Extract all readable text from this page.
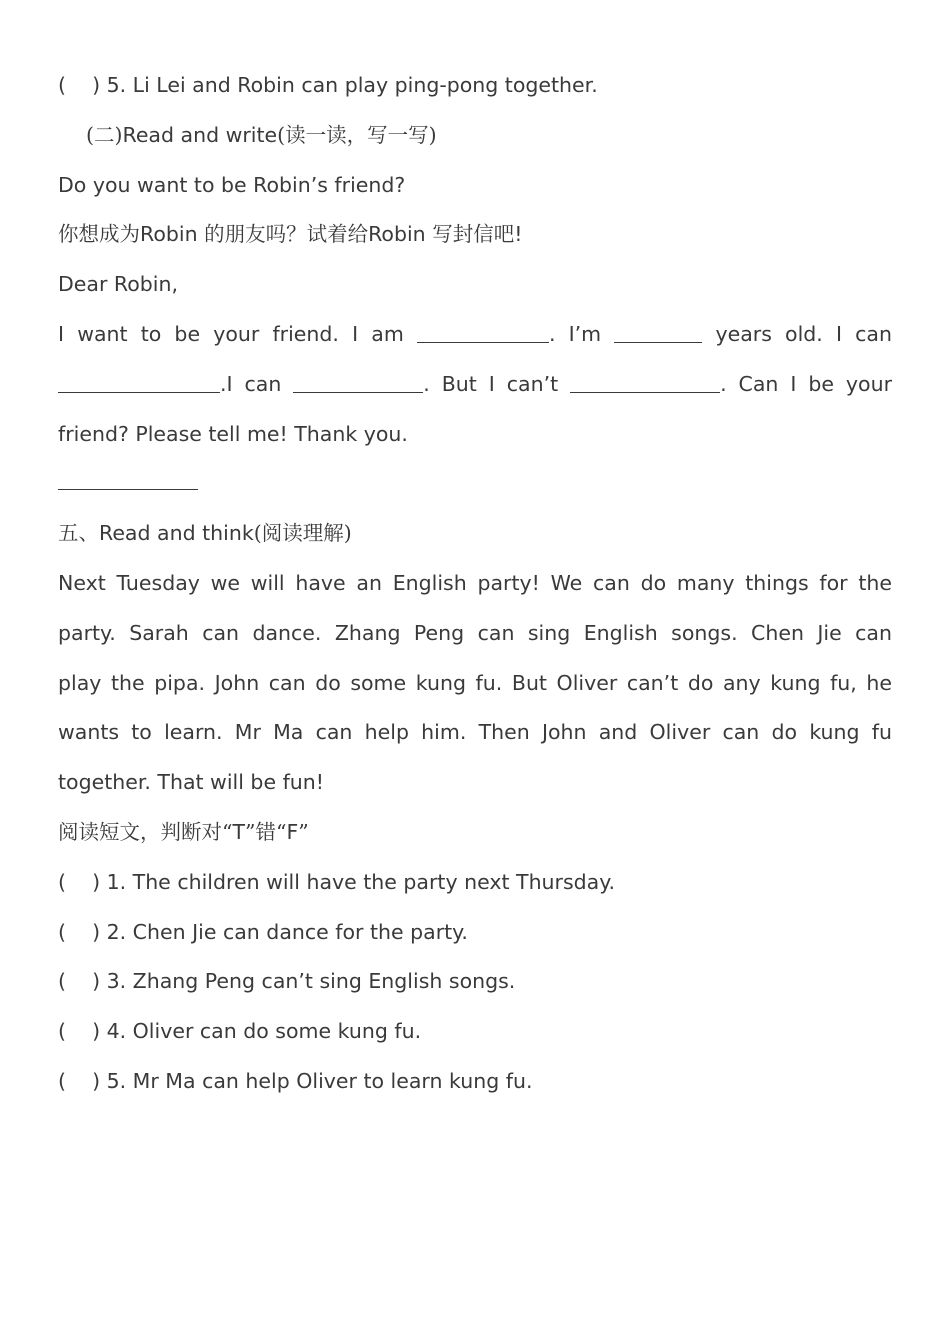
(    ) 5. Li Lei and Robin can play ping-pong together.
(二)Read and write(读一读，写一写)
Do you want to be Robin’s friend?
你想成为Robin 的朋友吗？试着给Robin 写封信吧!
Dear Robin,
I want to be your friend. I am	. I’m	years old. I can
.I can	. But I can’t	. Can I be your
friend? Please tell me! Thank you.
五、Read and think(阅读理解)
Next Tuesday we will have an English party! We can do many things for the
party. Sarah can dance. Zhang Peng can sing English songs. Chen Jie can
play the pipa. John can do some kung fu. But Oliver can’t do any kung fu, he
wants to learn. Mr Ma can help him. Then John and Oliver can do kung fu
together. That will be fun!
阅读短文，判断对“T”错“F”
(    ) 1. The children will have the party next Thursday.
(    ) 2. Chen Jie can dance for the party.
(    ) 3. Zhang Peng can’t sing English songs.
(    ) 4. Oliver can do some kung fu.
(    ) 5. Mr Ma can help Oliver to learn kung fu.
